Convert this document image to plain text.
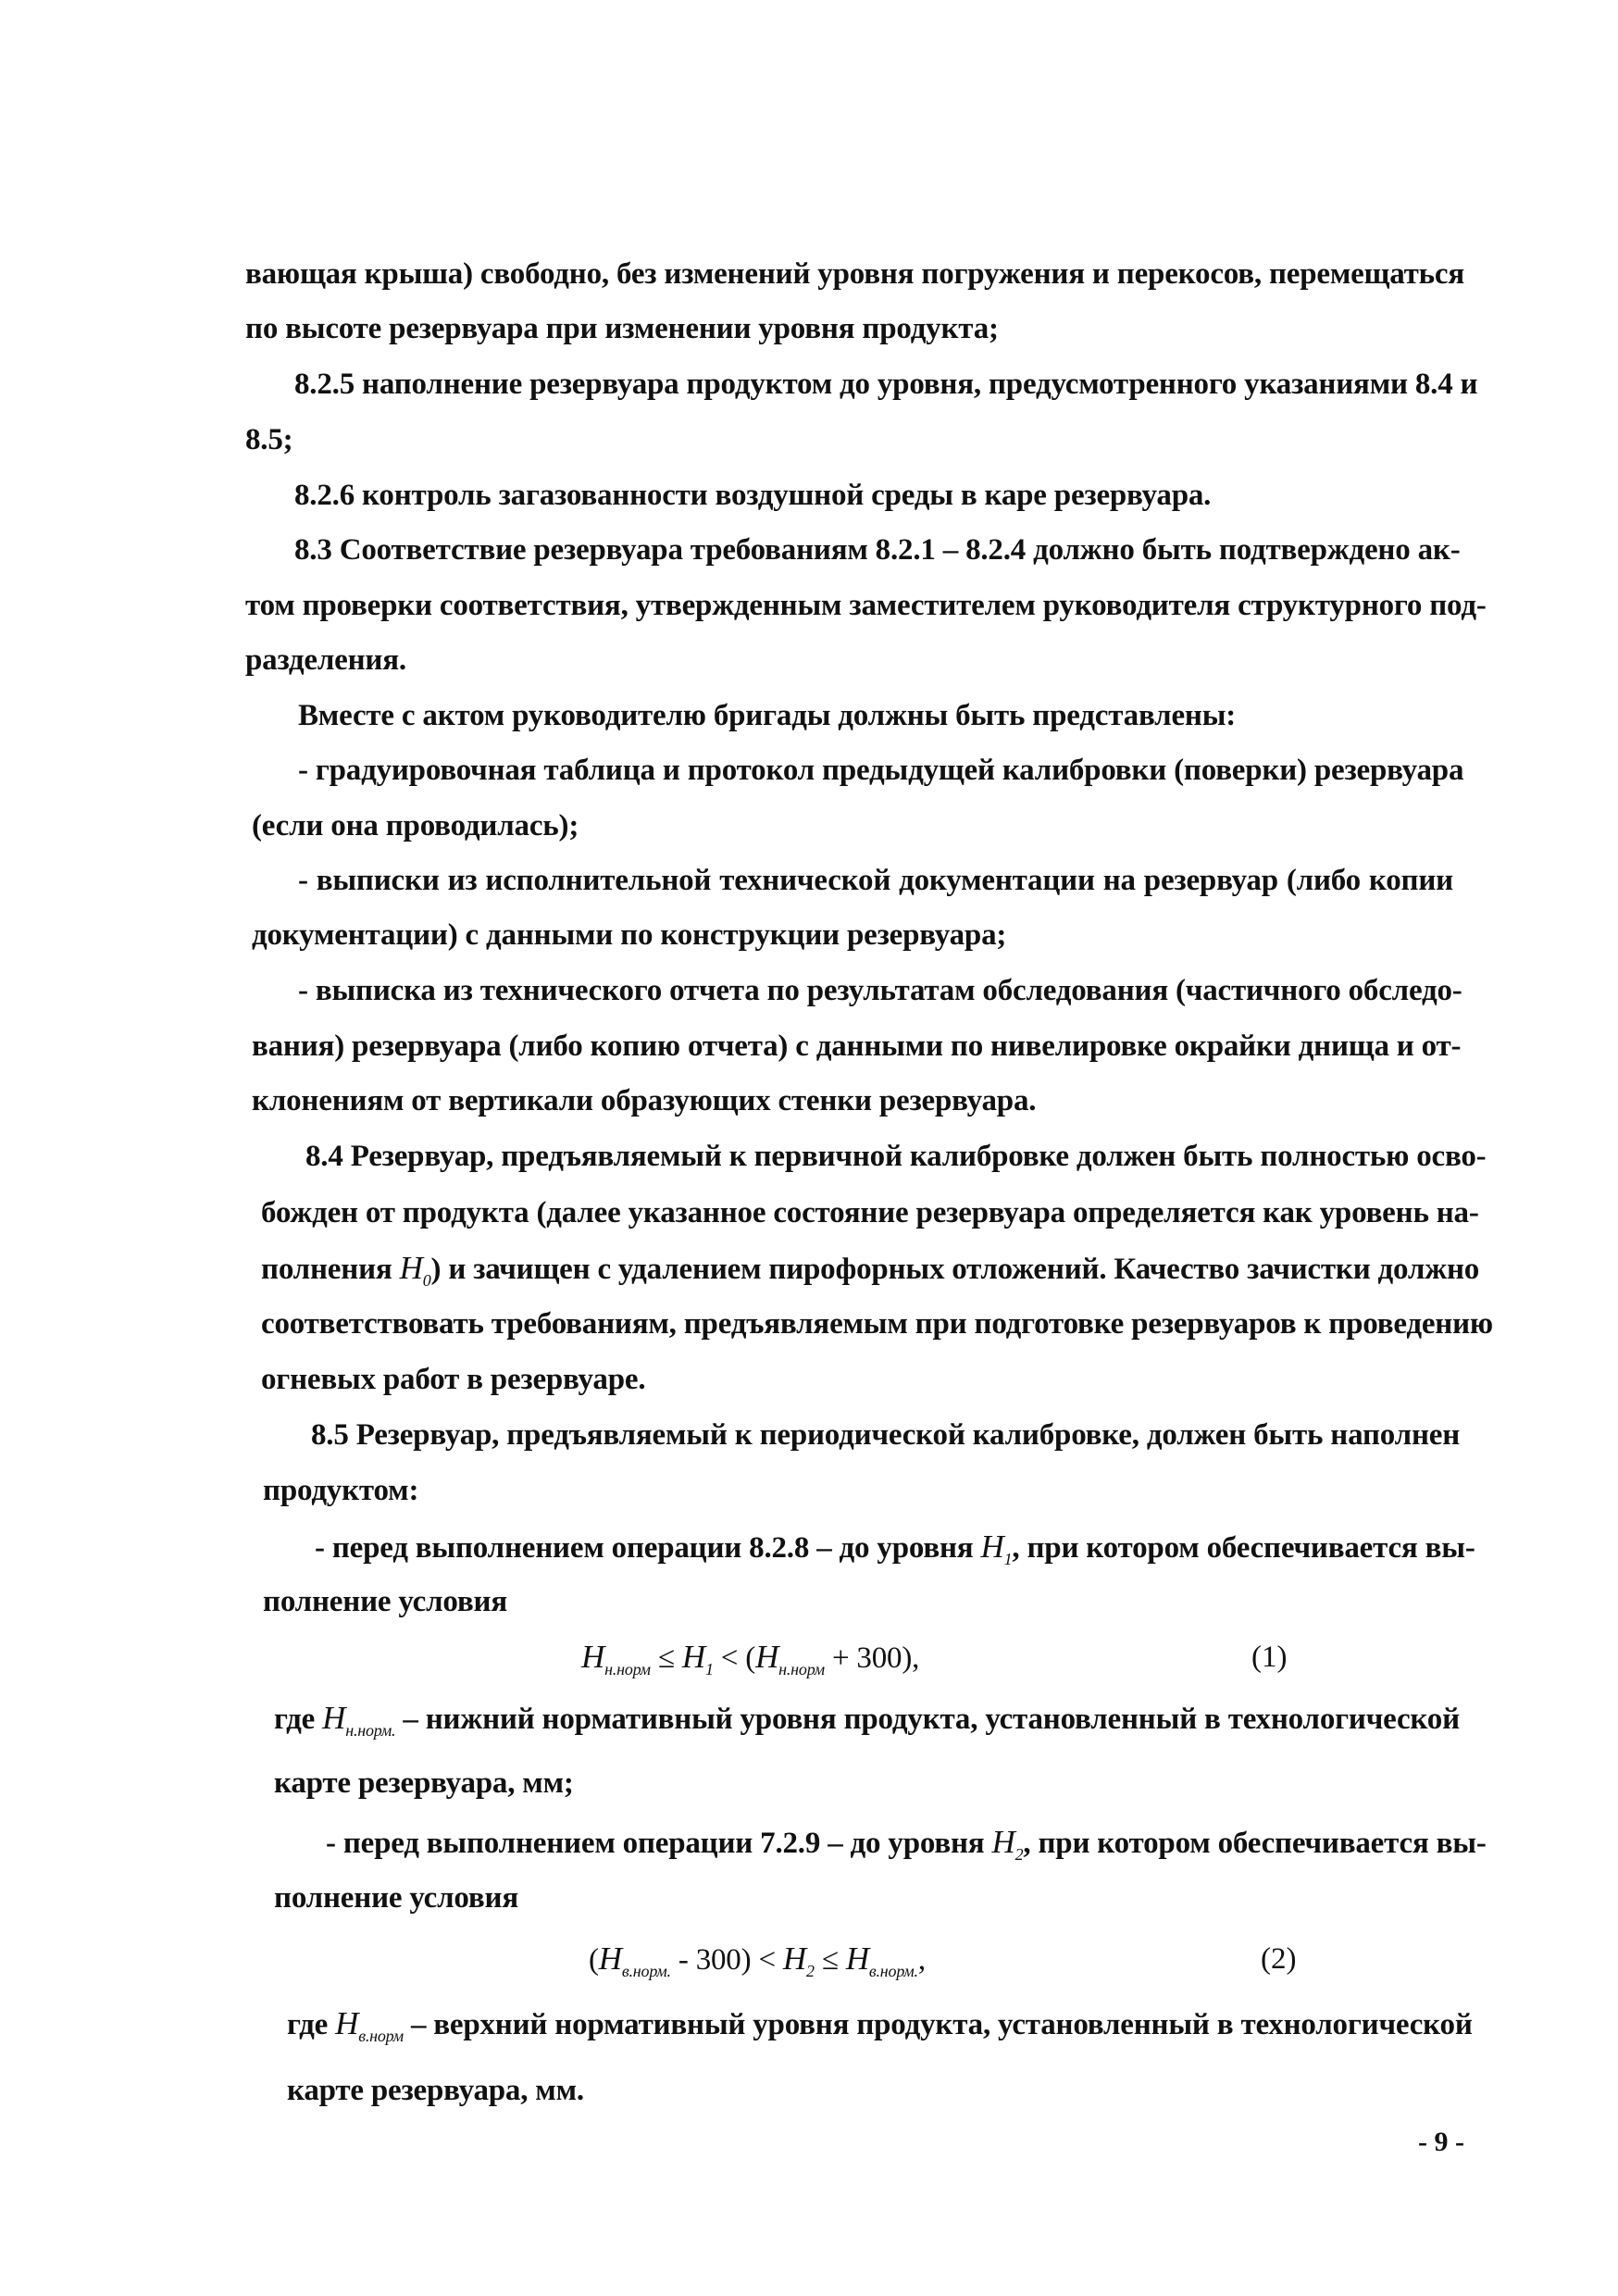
вающая крыша) свободно, без изменений уровня погружения и перекосов, перемещаться
по высоте резервуара при изменении уровня продукта;
8.2.5 наполнение резервуара продуктом до уровня, предусмотренного указаниями 8.4 и
8.5;
8.2.6 контроль загазованности воздушной среды в каре резервуара.
8.3 Соответствие резервуара требованиям 8.2.1 – 8.2.4 должно быть подтверждено ак-
том проверки соответствия, утвержденным заместителем руководителя структурного под-
разделения.
Вместе с актом руководителю бригады должны быть представлены:
- градуировочная таблица и протокол предыдущей калибровки (поверки) резервуара
(если она проводилась);
- выписки из исполнительной технической документации на резервуар (либо копии
документации) с данными по конструкции резервуара;
- выписка из технического отчета по результатам обследования (частичного обследо-
вания) резервуара (либо копию отчета) с данными по нивелировке окрайки днища и от-
клонениям от вертикали образующих стенки резервуара.
8.4 Резервуар, предъявляемый к первичной калибровке должен быть полностью осво-
божден от продукта (далее указанное состояние резервуара определяется как уровень на-
полнения $H_0$) и зачищен с удалением пирофорных отложений. Качество зачистки должно
соответствовать требованиям, предъявляемым при подготовке резервуаров к проведению
огневых работ в резервуаре.
8.5 Резервуар, предъявляемый к периодической калибровке, должен быть наполнен
продуктом:
- перед выполнением операции 8.2.8 – до уровня $H_1$, при котором обеспечивается вы-
полнение условия
$H_{н.норм} \le H_1 < (H_{н.норм} + 300)$,	(1)
где $H_{н.норм.}$ – нижний нормативный уровня продукта, установленный в технологической
карте резервуара, мм;
- перед выполнением операции 7.2.9 – до уровня $H_2$, при котором обеспечивается вы-
полнение условия
$(H_{в.норм.} - 300) < H_2 \le H_{в.норм.}$,	(2)
где $H_{в.норм}$ – верхний нормативный уровня продукта, установленный в технологической
карте резервуара, мм.
- 9 -
